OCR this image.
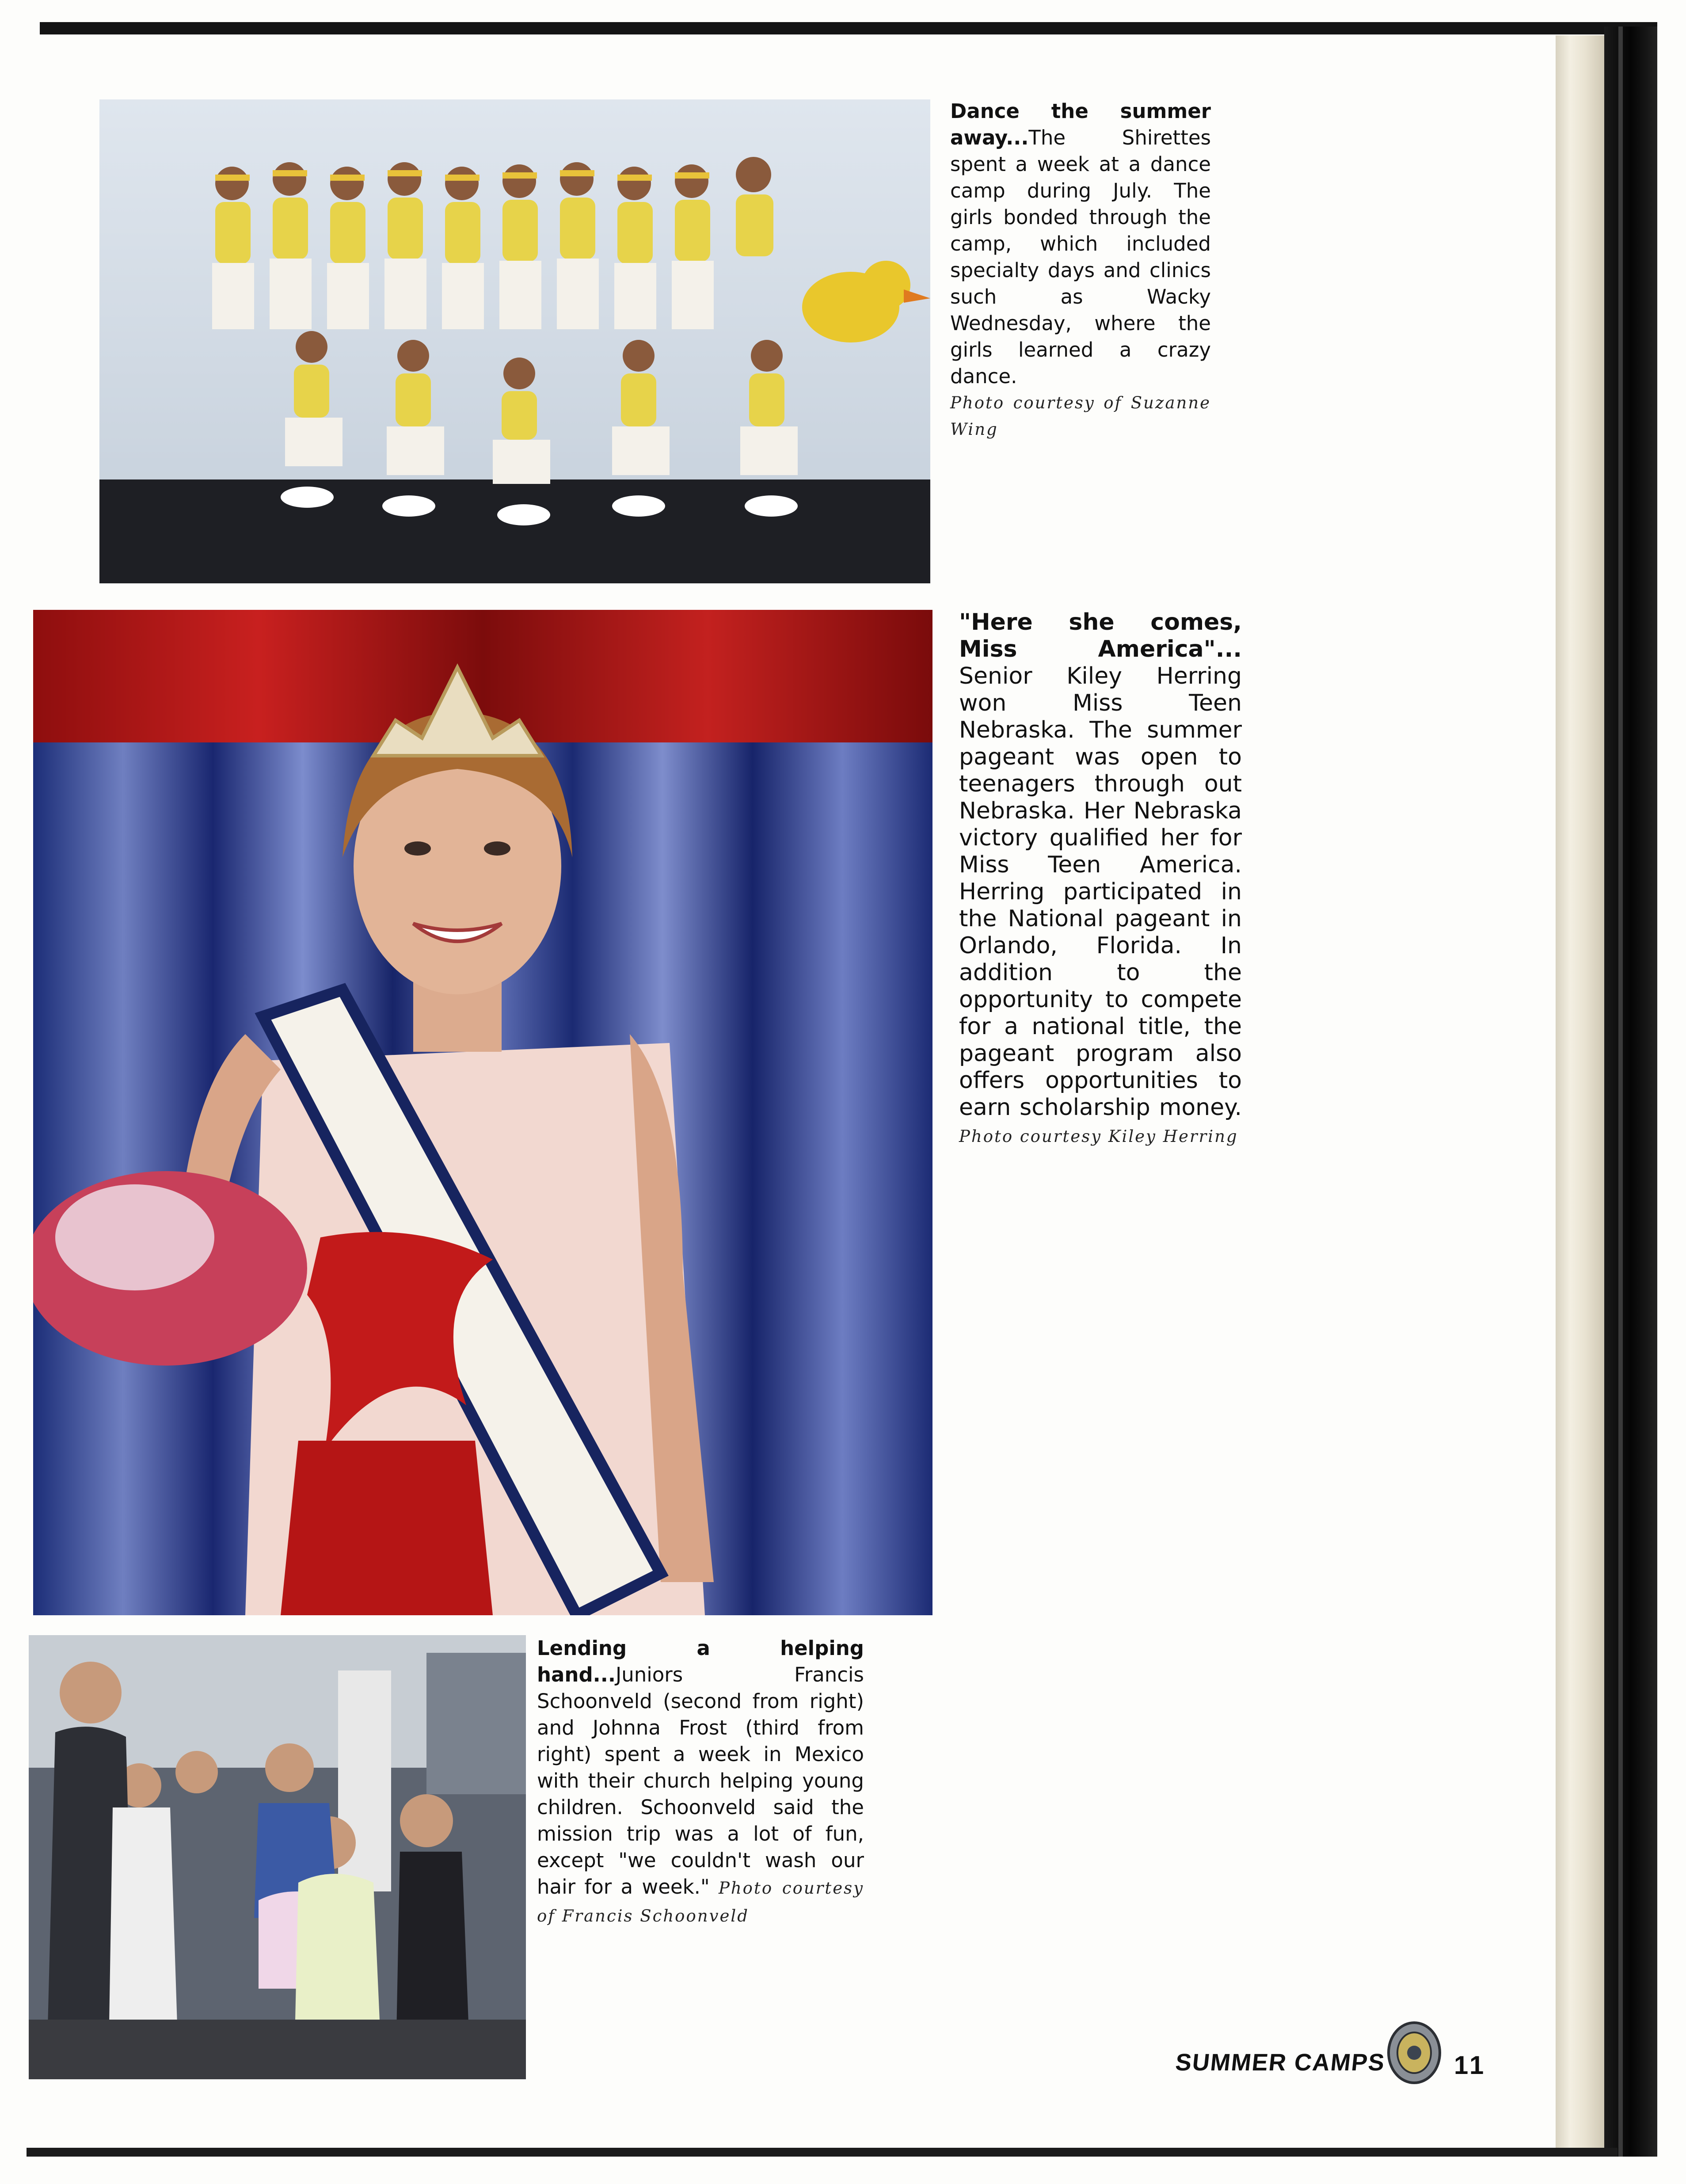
Dance the summer away...The Shirettes spent a week at a dance camp during July. The girls bonded through the camp, which included specialty days and clinics such as Wacky Wednesday, where the girls learned a crazy dance.
Photo courtesy of Suzanne Wing
"Here she comes, Miss America"... Senior Kiley Herring won Miss Teen Nebraska. The summer pageant was open to teenagers through out Nebraska. Her Nebraska victory qualified her for Miss Teen America. Herring participated in the National pageant in Orlando, Florida. In addition to the opportunity to compete for a national title, the pageant program also offers opportunities to earn scholarship money. Photo courtesy Kiley Herring
Lending a helping hand...Juniors Francis Schoonveld (second from right) and Johnna Frost (third from right) spent a week in Mexico with their church helping young children. Schoonveld said the mission trip was a lot of fun, except "we couldn't wash our hair for a week." Photo courtesy of Francis Schoonveld
SUMMER CAMPS	11
